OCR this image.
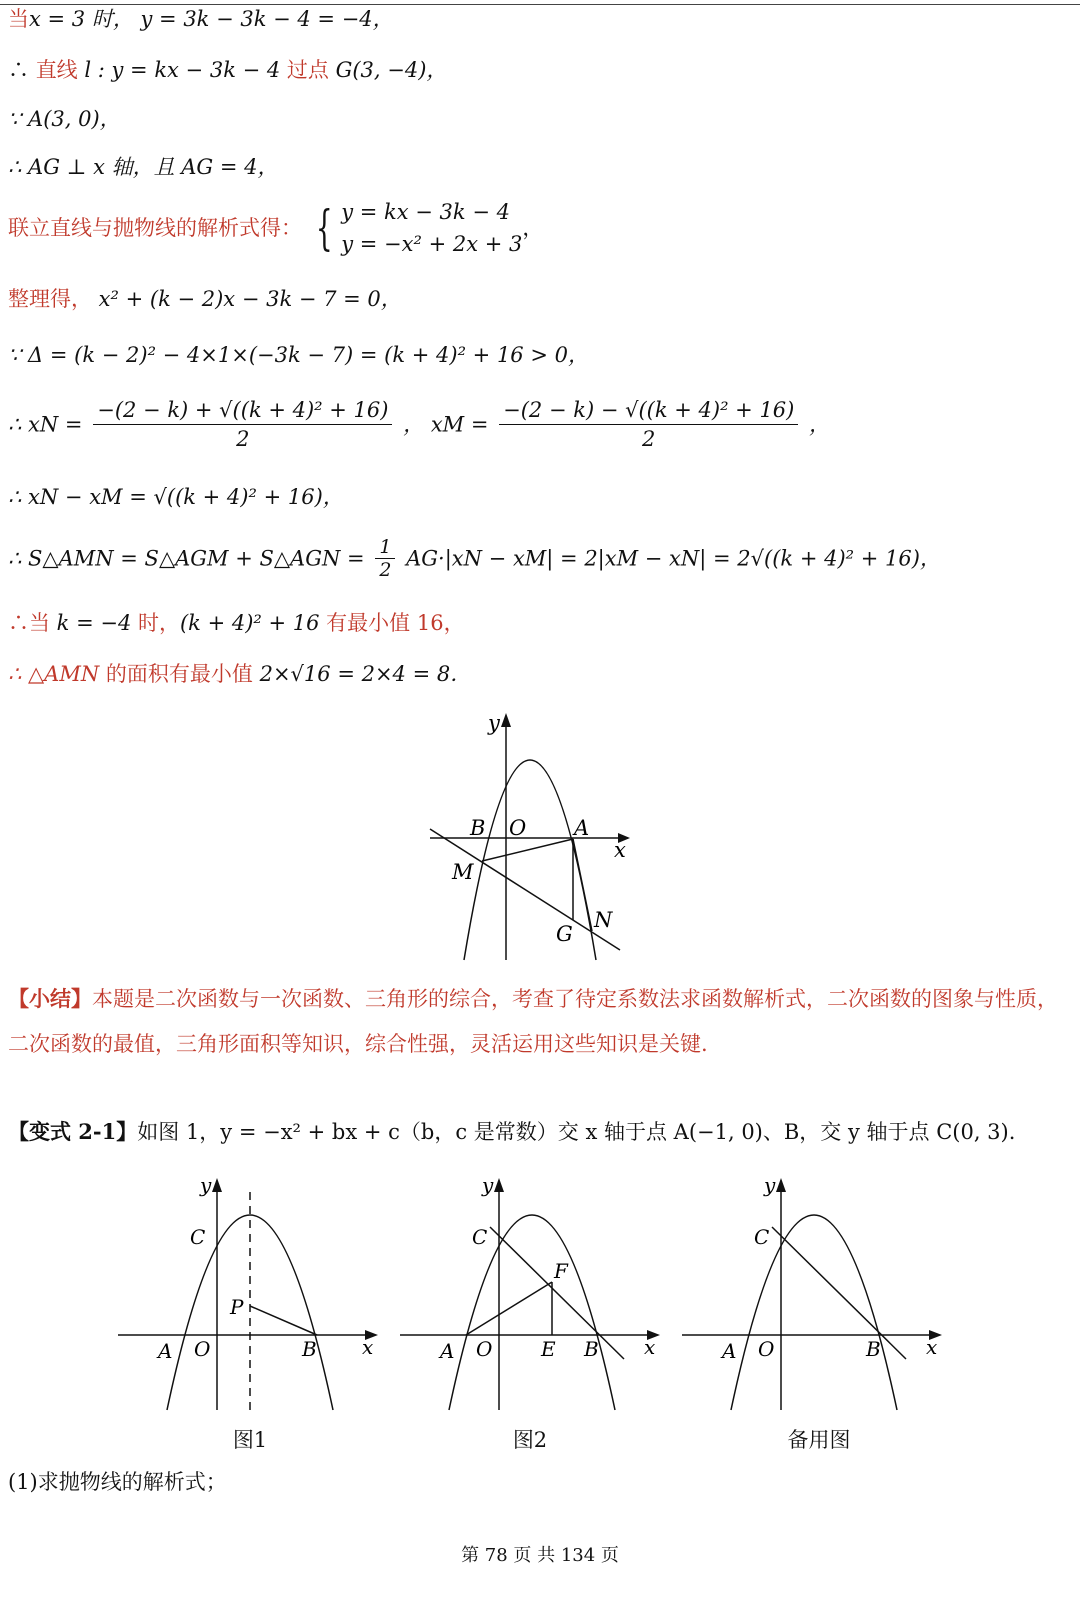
当x = 3 时， y = 3k − 3k − 4 = −4，
∴ 直线 l : y = kx − 3k − 4 过点 G(3, −4)，
∵ A(3, 0)，
∴ AG ⊥ x 轴，且 AG = 4，
联立直线与抛物线的解析式得： { y = kx − 3k − 4
y = −x² + 2x + 3
，
整理得， x² + (k − 2)x − 3k − 7 = 0，
∵ Δ = (k − 2)² − 4×1×(−3k − 7) = (k + 4)² + 16 > 0，
∴ xN = $\frac{\text{−(2 − k) + √((k + 4)² + 16)}}{2}$ ， xM = $\frac{\text{−(2 − k) − √((k + 4)² + 16)}}{2}$ ，
∴ xN − xM = √((k + 4)² + 16)，
∴ S△AMN = S△AGM + S△AGN = $\frac{1}{2} AG\cdot|xN - xM| = 2|xM - xN| = 2√((k + 4)^2 + 16)$，
∴当 k = −4 时，(k + 4)² + 16 有最小值 16，
∴ △AMN 的面积有最小值 2×√16 = 2×4 = 8．
y
x
B O A
M
G
N
【小结】本题是二次函数与一次函数、三角形的综合，考查了待定系数法求函数解析式，二次函数的图象与性质，二次函数的最值，三角形面积等知识，综合性强，灵活运用这些知识是关键.
【变式 2-1】如图 1，y = −x² + bx + c（b，c 是常数）交 x 轴于点 A(−1, 0)、B，交 y 轴于点 C(0, 3).
y
x
C
P
A O	B
图1
y
x
C
F
A O E B
图2
y
x
C
A O	B
备用图
(1)求抛物线的解析式；
第 78 页 共 134 页
